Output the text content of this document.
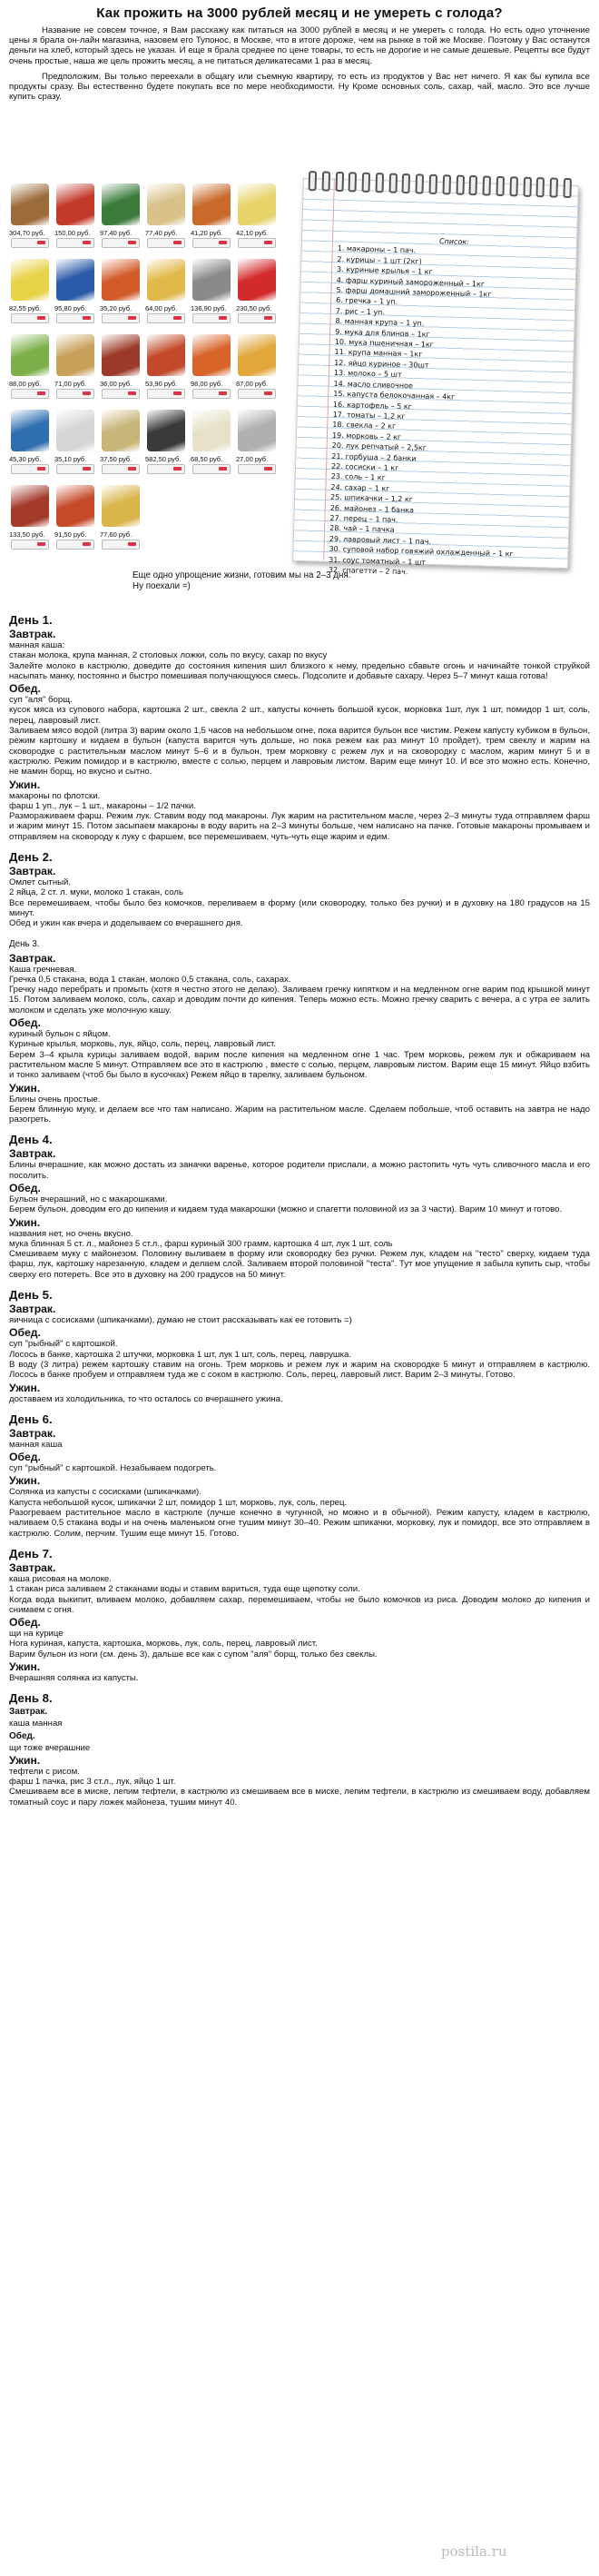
Как прожить на 3000 рублей месяц и не умереть с голода?

Название не совсем точное, я Вам расскажу как питаться на 3000 рублей в месяц и не умереть с голода. Но есть одно уточнение цены я брала он-лайн магазина, назовем его Тупонос, в Москве, что в итоге дороже, чем на рынке в той же Москве. Поэтому у Вас останутся деньги на хлеб, который здесь не указан. И еще я брала среднее по цене товары, то есть не дорогие и не самые дешевые. Рецепты все будут очень простые, наша же цель прожить месяц, а не питаться деликатесами 1 раз в месяц.

Предположим, Вы только переехали в общагу или съемную квартиру, то есть из продуктов у Вас нет ничего. Я как бы купила все продукты сразу. Вы естественно будете покупать все по мере необходимости. Ну Кроме основных соль, сахар, чай, масло. Это все лучше купить сразу.

304,70 руб. 150,00 руб. 97,40 руб. 77,40 руб. 41,20 руб. 42,10 руб.
82,55 руб. 95,80 руб. 35,20 руб. 64,00 руб. 136,90 руб. 230,50 руб.
88,00 руб. 71,00 руб. 36,00 руб. 53,90 руб. 98,00 руб. 87,00 руб.
45,30 руб. 35,10 руб. 37,50 руб. 582,50 руб. 68,50 руб. 27,00 руб.
133,50 руб. 91,50 руб. 77,60 руб.
Список:
1. макароны – 1 пач.
2. курицы – 1 шт (2кг)
3. куриные крылья – 1 кг
4. фарш куриный замороженный – 1кг
5. фарш домашний замороженный – 1кг
6. гречка – 1 уп.
7. рис – 1 уп.
8. манная крупа – 1 уп.
9. мука для блинов – 1кг
10. мука пшеничная – 1кг
11. крупа манная – 1кг
12. яйцо куриное – 30шт
13. молоко – 5 шт
14. масло сливочное
15. капуста белокочанная – 4кг
16. картофель – 5 кг
17. томаты – 1,2 кг
18. свекла – 2 кг
19. морковь – 2 кг
20. лук репчатый – 2,5кг
21. горбуша – 2 банки
22. сосиски – 1 кг
23. соль – 1 кг
24. сахар – 1 кг
25. шпикачки – 1,2 кг
26. майонез – 1 банка
27. перец – 1 пач.
28. чай – 1 пачка
29. лавровый лист – 1 пач.
30. суповой набор говяжий охлажденный – 1 кг
31. соус томатный – 1 шт
32. спагетти – 2 пач.

Еще одно упрощение жизни, готовим мы на 2–3 дня.

Ну поехали =)

День 1.
Завтрак.

манная каша:

стакан молока, крупа манная, 2 столовых ложки, соль по вкусу, сахар по вкусу

Залейте молоко в кастрюлю, доведите до состояния кипения шил близкого к нему, предельно сбавьте огонь и начинайте тонкой струйкой насыпать манку, постоянно и быстро помешивая получающуюся смесь. Подсолите и добавьте сахару. Через 5–7 минут каша готова!

Обед.

суп "аля" борщ.

кусок мяса из супового набора, картошка 2 шт., свекла 2 шт., капусты кочнеть большой кусок, морковка 1шт, лук 1 шт, помидор 1 шт, соль, перец, лавровый лист.

Заливаем мясо водой (литра 3) варим около 1,5 часов на небольшом огне, пока варится бульон все чистим. Режем капусту кубиком в бульон, режим картошку и кидаем в бульон (капуста варится чуть дольше, но пока режем как раз минут 10 пройдет), трем свеклу и жарим на сковородке с растительным маслом минут 5–6 и в бульон, трем морковку с режем лук и на сковородку с маслом, жарим минут 5 и в кастрюлю. Режим помидор и в кастрюлю, вместе с солью, перцем и лавровым листом. Варим еще минут 10. И все это можно есть. Конечно, не мамин борщ, но вкусно и сытно.

Ужин.

макароны по флотски.

фарш 1 уп., лук – 1 шт., макароны – 1/2 пачки.

Размораживаем фарш. Режим лук. Ставим воду под макароны. Лук жарим на растительном масле, через 2–3 минуты туда отправляем фарш и жарим минут 15. Потом засыпаем макароны в воду варить на 2–3 минуты больше, чем написано на пачке. Готовые макароны промываем и отправляем на сковороду к луку с фаршем, все перемешиваем, чуть-чуть еще жарим и едим.

День 2.
Завтрак.

Омлет сытный.

2 яйца, 2 ст. л. муки, молоко 1 стакан, соль

Все перемешиваем, чтобы было без комочков, переливаем в форму (или сковородку, только без ручки) и в духовку на 180 градусов на 15 минут.

Обед и ужин как вчера и доделываем со вчерашнего дня.

День 3.
Завтрак.

Каша гречневая.

Гречка 0,5 стакана, вода 1 стакан, молоко 0,5 стакана, соль, сахарах.

Гречку надо перебрать и промыть (хотя я честно этого не делаю). Заливаем гречку кипятком и на медленном огне варим под крышкой минут 15. Потом заливаем молоко, соль, сахар и доводим почти до кипения. Теперь можно есть. Можно гречку сварить с вечера, а с утра ее залить молоком и сделать уже молочную кашу.

Обед.

куриный бульон с яйцом.

Куриные крылья, морковь, лук, яйцо, соль, перец, лавровый лист.

Берем 3–4 крыла курицы заливаем водой, варим после кипения на медленном огне 1 час. Трем морковь, режем лук и обжариваем на растительном масле 5 минут. Отправляем все это в кастрюлю , вместе с солью, перцем, лавровым листом. Варим еще 15 минут. Яйцо взбить и тонко заливаем (чтоб бы было в кусочках) Режем яйцо в тарелку, заливаем бульоном.

Ужин.

Блины очень простые.

Берем блинную муку, и делаем все что там написано. Жарим на растительном масле. Сделаем побольше, чтоб оставить на завтра не надо разогреть.

День 4.
Завтрак.

Блины вчерашние, как можно достать из заначки варенье, которое родители прислали, а можно растопить чуть чуть сливочного масла и его посолить.

Обед.

Бульон вчерашний, но с макарошками.

Берем бульон, доводим его до кипения и кидаем туда макарошки (можно и спагетти половиной из за 3 части). Варим 10 минут и готово.

Ужин.

названия нет, но очень вкусно.

мука блинная 5 ст. л., майонез 5 ст.л., фарш куриный 300 грамм, картошка 4 шт, лук 1 шт, соль

Смешиваем муку с майонезом. Половину выливаем в форму или сковородку без ручки. Режем лук, кладем на "тесто" сверху, кидаем туда фарш, лук, картошку нарезанную, кладем и делаем слой. Заливаем второй половиной "теста". Тут мое упущение я забыла купить сыр, чтобы сверху его потереть. Все это в духовку на 200 градусов на 50 минут.

День 5.
Завтрак.

яичница с сосисками (шпикачками), думаю не стоит рассказывать как ее готовить =)

Обед.

суп "рыбный" с картошкой.

Лосось в банке, картошка 2 штучки, морковка 1 шт, лук 1 шт, соль, перец, лаврушка.

В воду (3 литра) режем картошку ставим на огонь. Трем морковь и режем лук и жарим на сковородке 5 минут и отправляем в кастрюлю. Лосось в банке пробуем и отправляем туда же с соком в кастрюлю. Соль, перец, лавровый лист. Варим 2–3 минуты. Готово.

Ужин.

доставаем из холодильника, то что осталось со вчерашнего ужина.

День 6.
Завтрак.

манная каша

Обед.

суп "рыбный" с картошкой. Незабываем подогреть.

Ужин.

Солянка из капусты с сосисками (шпикачками).

Капуста небольшой кусок, шпикачки 2 шт, помидор 1 шт, морковь, лук, соль, перец.

Разогреваем растительное масло в кастрюле (лучше конечно в чугунной, но можно и в обычной). Режим капусту, кладем в кастрюлю, наливаем 0,5 стакана воды и на очень маленьком огне тушим минут 30–40. Режим шпикачки, морковку, лук и помидор, все это отправляем в кастрюлю. Солим, перчим. Тушим еще минут 15. Готово.

День 7.
Завтрак.

каша рисовая на молоке.

1 стакан риса заливаем 2 стаканами воды и ставим вариться, туда еще щепотку соли.

Когда вода выкипит, вливаем молоко, добавляем сахар, перемешиваем, чтобы не было комочков из риса. Доводим молоко до кипения и снимаем с огня.

Обед.

щи на курице

Нога куриная, капуста, картошка, морковь, лук, соль, перец, лавровый лист.

Варим бульон из ноги (см. день 3), дальше все как с супом "аля" борщ, только без свеклы.

Ужин.

Вчерашняя солянка из капусты.

День 8.
Завтрак.

каша манная

Обед.

щи тоже вчерашние

Ужин.

тефтели с рисом.

фарш 1 пачка, рис 3 ст.л., лук, яйцо 1 шт.

Смешиваем все в миске, лепим тефтели, в кастрюлю из смешиваем все в миске, лепим тефтели, в кастрюлю из смешиваем воду, добавляем томатный соус и пару ложек майонеза, тушим минут 40.

postila.ru
